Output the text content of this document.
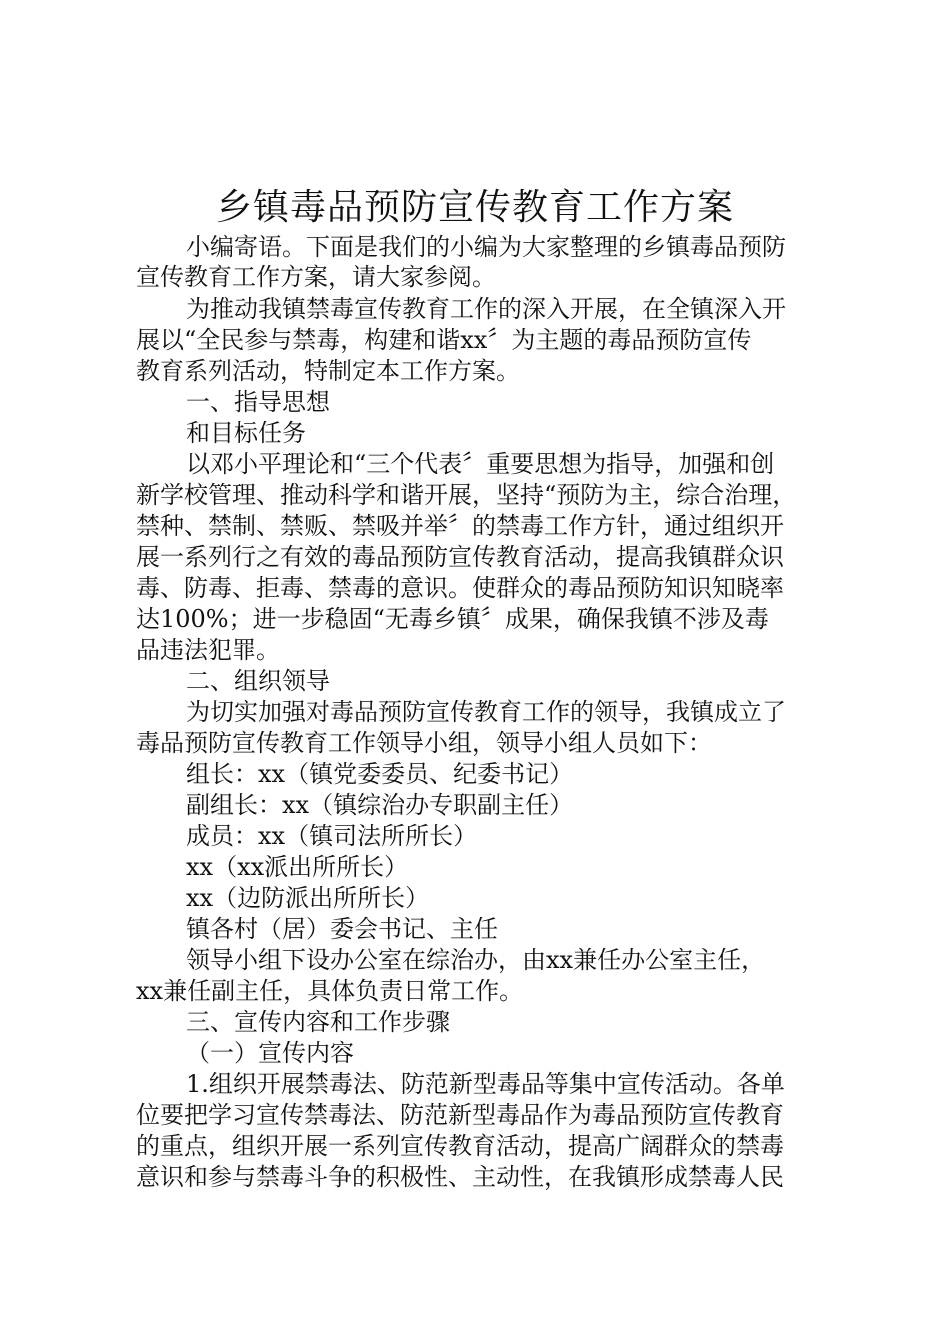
乡镇毒品预防宣传教育工作方案
小编寄语。下面是我们的小编为大家整理的乡镇毒品预防
宣传教育工作方案，请大家参阅。
为推动我镇禁毒宣传教育工作的深入开展，在全镇深入开
展以“全民参与禁毒，构建和谐xx〞为主题的毒品预防宣传
教育系列活动，特制定本工作方案。
一、指导思想
和目标任务
以邓小平理论和“三个代表〞重要思想为指导，加强和创
新学校管理、推动科学和谐开展，坚持“预防为主，综合治理，
禁种、禁制、禁贩、禁吸并举〞的禁毒工作方针，通过组织开
展一系列行之有效的毒品预防宣传教育活动，提高我镇群众识
毒、防毒、拒毒、禁毒的意识。使群众的毒品预防知识知晓率
达100%；进一步稳固“无毒乡镇〞成果，确保我镇不涉及毒
品违法犯罪。
二、组织领导
为切实加强对毒品预防宣传教育工作的领导，我镇成立了
毒品预防宣传教育工作领导小组，领导小组人员如下：
组长：xx（镇党委委员、纪委书记）
副组长：xx（镇综治办专职副主任）
成员：xx（镇司法所所长）
xx（xx派出所所长）
xx（边防派出所所长）
镇各村（居）委会书记、主任
领导小组下设办公室在综治办，由xx兼任办公室主任，
xx兼任副主任，具体负责日常工作。
三、宣传内容和工作步骤
（一）宣传内容
1.组织开展禁毒法、防范新型毒品等集中宣传活动。各单
位要把学习宣传禁毒法、防范新型毒品作为毒品预防宣传教育
的重点，组织开展一系列宣传教育活动，提高广阔群众的禁毒
意识和参与禁毒斗争的积极性、主动性，在我镇形成禁毒人民
